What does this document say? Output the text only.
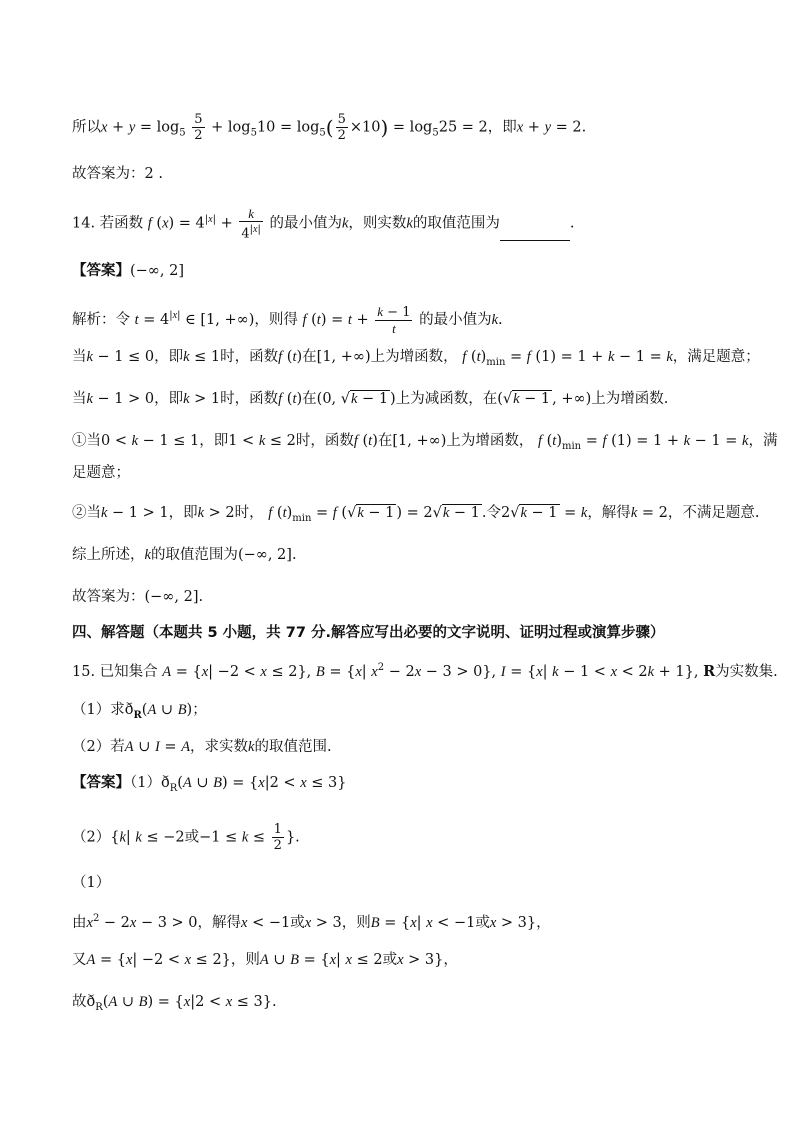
所以$x + y = \log_5 \frac{5}{2} + \log_510 = \log_5( \frac{5}{2} \times 10) = \log_525 = 2$，即x + y = 2.
故答案为：2 .
14. 若函数 f $(x) = 4^{|x|} + \frac{k}{4^{|x|}}$ 的最小值为k，则实数k的取值范围为	.
【答案】(−∞, 2]
解析：令 $t = 4^{|x|}$ ∈ [1, +∞)，则得 f $(t) = t + \frac{k - 1}{t}$ 的最小值为k.
当k − 1 ≤ 0，即k ≤ 1时，函数f (t)在[1, +∞)上为增函数， f $(t)_{min} = f$ (1) = 1 + k − 1 = k，满足题意；
当k − 1 > 0，即k > 1时，函数f (t)在(0, √k − 1 )上为减函数，在(√k − 1 , +∞)上为增函数.
①当0 < k − 1 ≤ 1，即1 < k ≤ 2时，函数f (t)在[1, +∞)上为增函数， f $(t)_{min} = f$ (1) = 1 + k − 1 = k，满
足题意；
②当k − 1 > 1，即k > 2时， f $(t)_{min} = f$ (√k − 1 ) = 2√k − 1 .令2√k − 1 = k，解得k = 2，不满足题意.
综上所述，k的取值范围为(−∞, 2].
故答案为：(−∞, 2].
四、解答题（本题共 5 小题，共 77 分.解答应写出必要的文字说明、证明过程或演算步骤）
15. 已知集合 A = {x| −2 < x ≤ 2}, B = {x| $x^2 - 2x - 3 > 0$}, I = {x| k − 1 < x < 2k + 1}, R为实数集.
（1）求$ð_R(A$ ∪ B)；
（2）若A ∪ I = A，求实数k的取值范围.
【答案】$(1)ð_R(A$ ∪ B) = {x|2 < x ≤ 3}
（2）{k| k ≤ −2或$-1 \le k \le \frac{1}{2}$ }.
（1）
由$x^2 - 2x - 3 > 0$，解得x < −1或x > 3，则B = {x| x < −1或x > 3}，
又A = {x| −2 < x ≤ 2}，则A ∪ B = {x| x ≤ 2或x > 3}，
故$ð_R(A$ ∪ B) = {x|2 < x ≤ 3}.
